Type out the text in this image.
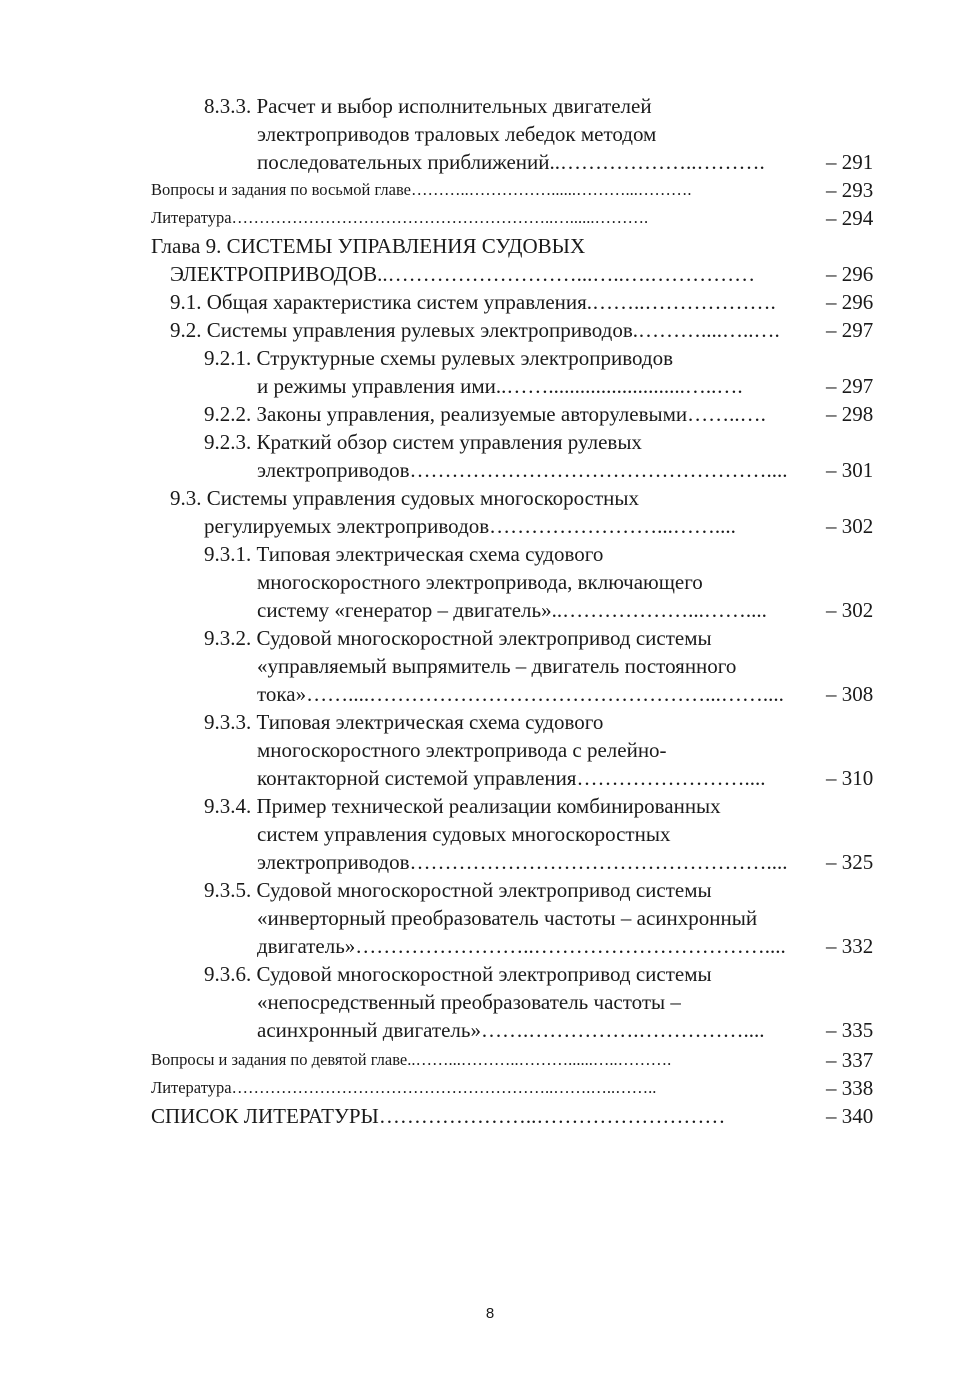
8.3.3. Расчет и выбор исполнительных двигателей
электроприводов траловых лебедок методом
последовательных приближений..………………..……….	– 291
Вопросы и задания по восьмой главе………..……………......………...……….	– 293
Литература…………………………………………………..…......……….	– 294
Глава 9. СИСТЕМЫ УПРАВЛЕНИЯ СУДОВЫХ
ЭЛЕКТРОПРИВОДОВ..………………………...…..….……………	– 296
9.1. Общая характеристика систем управления.……..………………. – 296
9.2. Системы управления рулевых электроприводов.………....…..…. – 297
9.2.1. Структурные схемы рулевых электроприводов
и режимы управления ими..……..........................…..….	– 297
9.2.2. Законы управления, реализуемые авторулевыми……..….	– 298
9.2.3. Краткий обзор систем управления рулевых
электроприводов…………………………………………….... – 301
9.3. Системы управления судовых многоскоростных
регулируемых электроприводов……………………...……....	– 302
9.3.1. Типовая электрическая схема судового
многоскоростного электропривода, включающего
систему «генератор – двигатель»..………………...……....	– 302
9.3.2. Судовой многоскоростной электропривод системы
«управляемый выпрямитель – двигатель постоянного
тока»……....…………………………………………...…….... – 308
9.3.3. Типовая электрическая схема судового
многоскоростного электропривода с релейно-
контакторной системой управления……………………....	– 310
9.3.4. Пример технической реализации комбинированных
систем управления судовых многоскоростных
электроприводов…………………………………………….... – 325
9.3.5. Судовой многоскоростной электропривод системы
«инверторный преобразователь частоты – асинхронный
двигатель»……………………..…………………………….... – 332
9.3.6. Судовой многоскоростной электропривод системы
«непосредственный преобразователь частоты –
асинхронный двигатель»…….…………….……………....	– 335
Вопросы и задания по девятой главе..……...………..………......…..……….	– 337
Литература…………………………………………………..…….…..……..	– 338
СПИСОК ЛИТЕРАТУРЫ…………………..………………………	– 340
8
